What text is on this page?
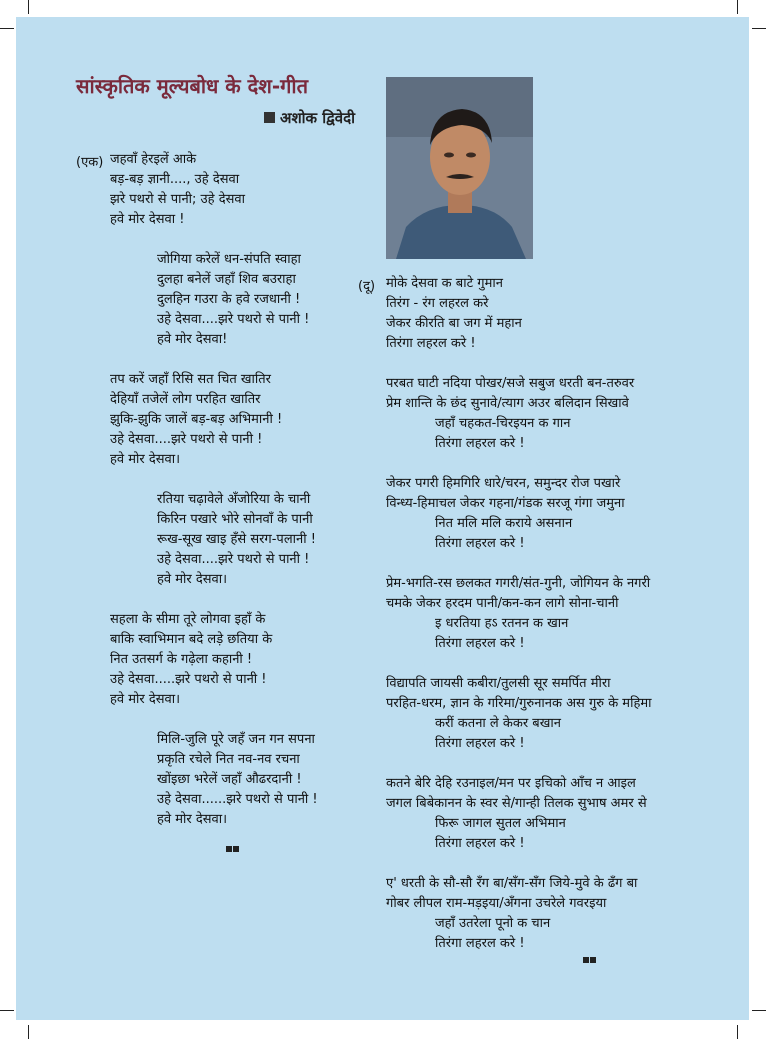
सांस्कृतिक मूल्यबोध के देश-गीत
अशोक द्विवेदी
(एक) जहवाँ हेरइलें आके
बड़-बड़ ज्ञानी...., उहे देसवा
झरे पथरो से पानी; उहे देसवा
हवे मोर देसवा !
जोगिया करेलें धन-संपति स्वाहा
दुलहा बनेलें जहाँ शिव बउराहा
दुलहिन गउरा के हवे रजधानी !
उहे देसवा....झरे पथरो से पानी !
हवे मोर देसवा!
तप करें जहाँ रिसि सत चित खातिर
देहियाँ तजेलें लोग परहित खातिर
झुकि-झुकि जालें बड़-बड़ अभिमानी !
उहे देसवा....झरे पथरो से पानी !
हवे मोर देसवा।
रतिया चढ़ावेले अँजोरिया के चानी
किरिन पखारे भोरे सोनवाँ के पानी
रूख-सूख खाइ हँसे सरग-पलानी !
उहे देसवा....झरे पथरो से पानी !
हवे मोर देसवा।
सहला के सीमा तूरे लोगवा इहाँ के
बाकि स्वाभिमान बदे लड़े छतिया के
नित उतसर्ग के गढ़ेला कहानी !
उहे देसवा.....झरे पथरो से पानी !
हवे मोर देसवा।
मिलि-जुलि पूरे जहँ जन गन सपना
प्रकृति रचेले नित नव-नव रचना
खोंइछा भरेलें जहाँ औढरदानी !
उहे देसवा......झरे पथरो से पानी !
हवे मोर देसवा।
(दू) मोके देसवा क बाटे गुमान
तिरंग - रंग लहरल करे
जेकर कीरति बा जग में महान
तिरंगा लहरल करे !
परबत घाटी नदिया पोखर/सजे सबुज धरती बन-तरुवर
प्रेम शान्ति के छंद सुनावे/त्याग अउर बलिदान सिखावे
जहाँ चहकत-चिरइयन क गान
तिरंगा लहरल करे !
जेकर पगरी हिमगिरि धारे/चरन, समुन्दर रोज पखारे
विन्ध्य-हिमाचल जेकर गहना/गंडक सरजू गंगा जमुना
नित मलि मलि कराये असनान
तिरंगा लहरल करे !
प्रेम-भगति-रस छलकत गगरी/संत-गुनी, जोगियन के नगरी
चमके जेकर हरदम पानी/कन-कन लागे सोना-चानी
इ धरतिया हऽ रतनन क खान
तिरंगा लहरल करे !
विद्यापति जायसी कबीरा/तुलसी सूर समर्पित मीरा
परहित-धरम, ज्ञान के गरिमा/गुरुनानक अस गुरु के महिमा
करीं कतना ले केकर बखान
तिरंगा लहरल करे !
कतने बेरि देहि रउनाइल/मन पर इचिको आँच न आइल
जगल बिबेकानन के स्वर से/गान्ही तिलक सुभाष अमर से
फिरू जागल सुतल अभिमान
तिरंगा लहरल करे !
ए' धरती के सौ-सौ रँग बा/सँग-सँग जिये-मुवे के ढँग बा
गोबर लीपल राम-मड़इया/अँगना उचरेले गवरइया
जहाँ उतरेला पूनो क चान
तिरंगा लहरल करे !
